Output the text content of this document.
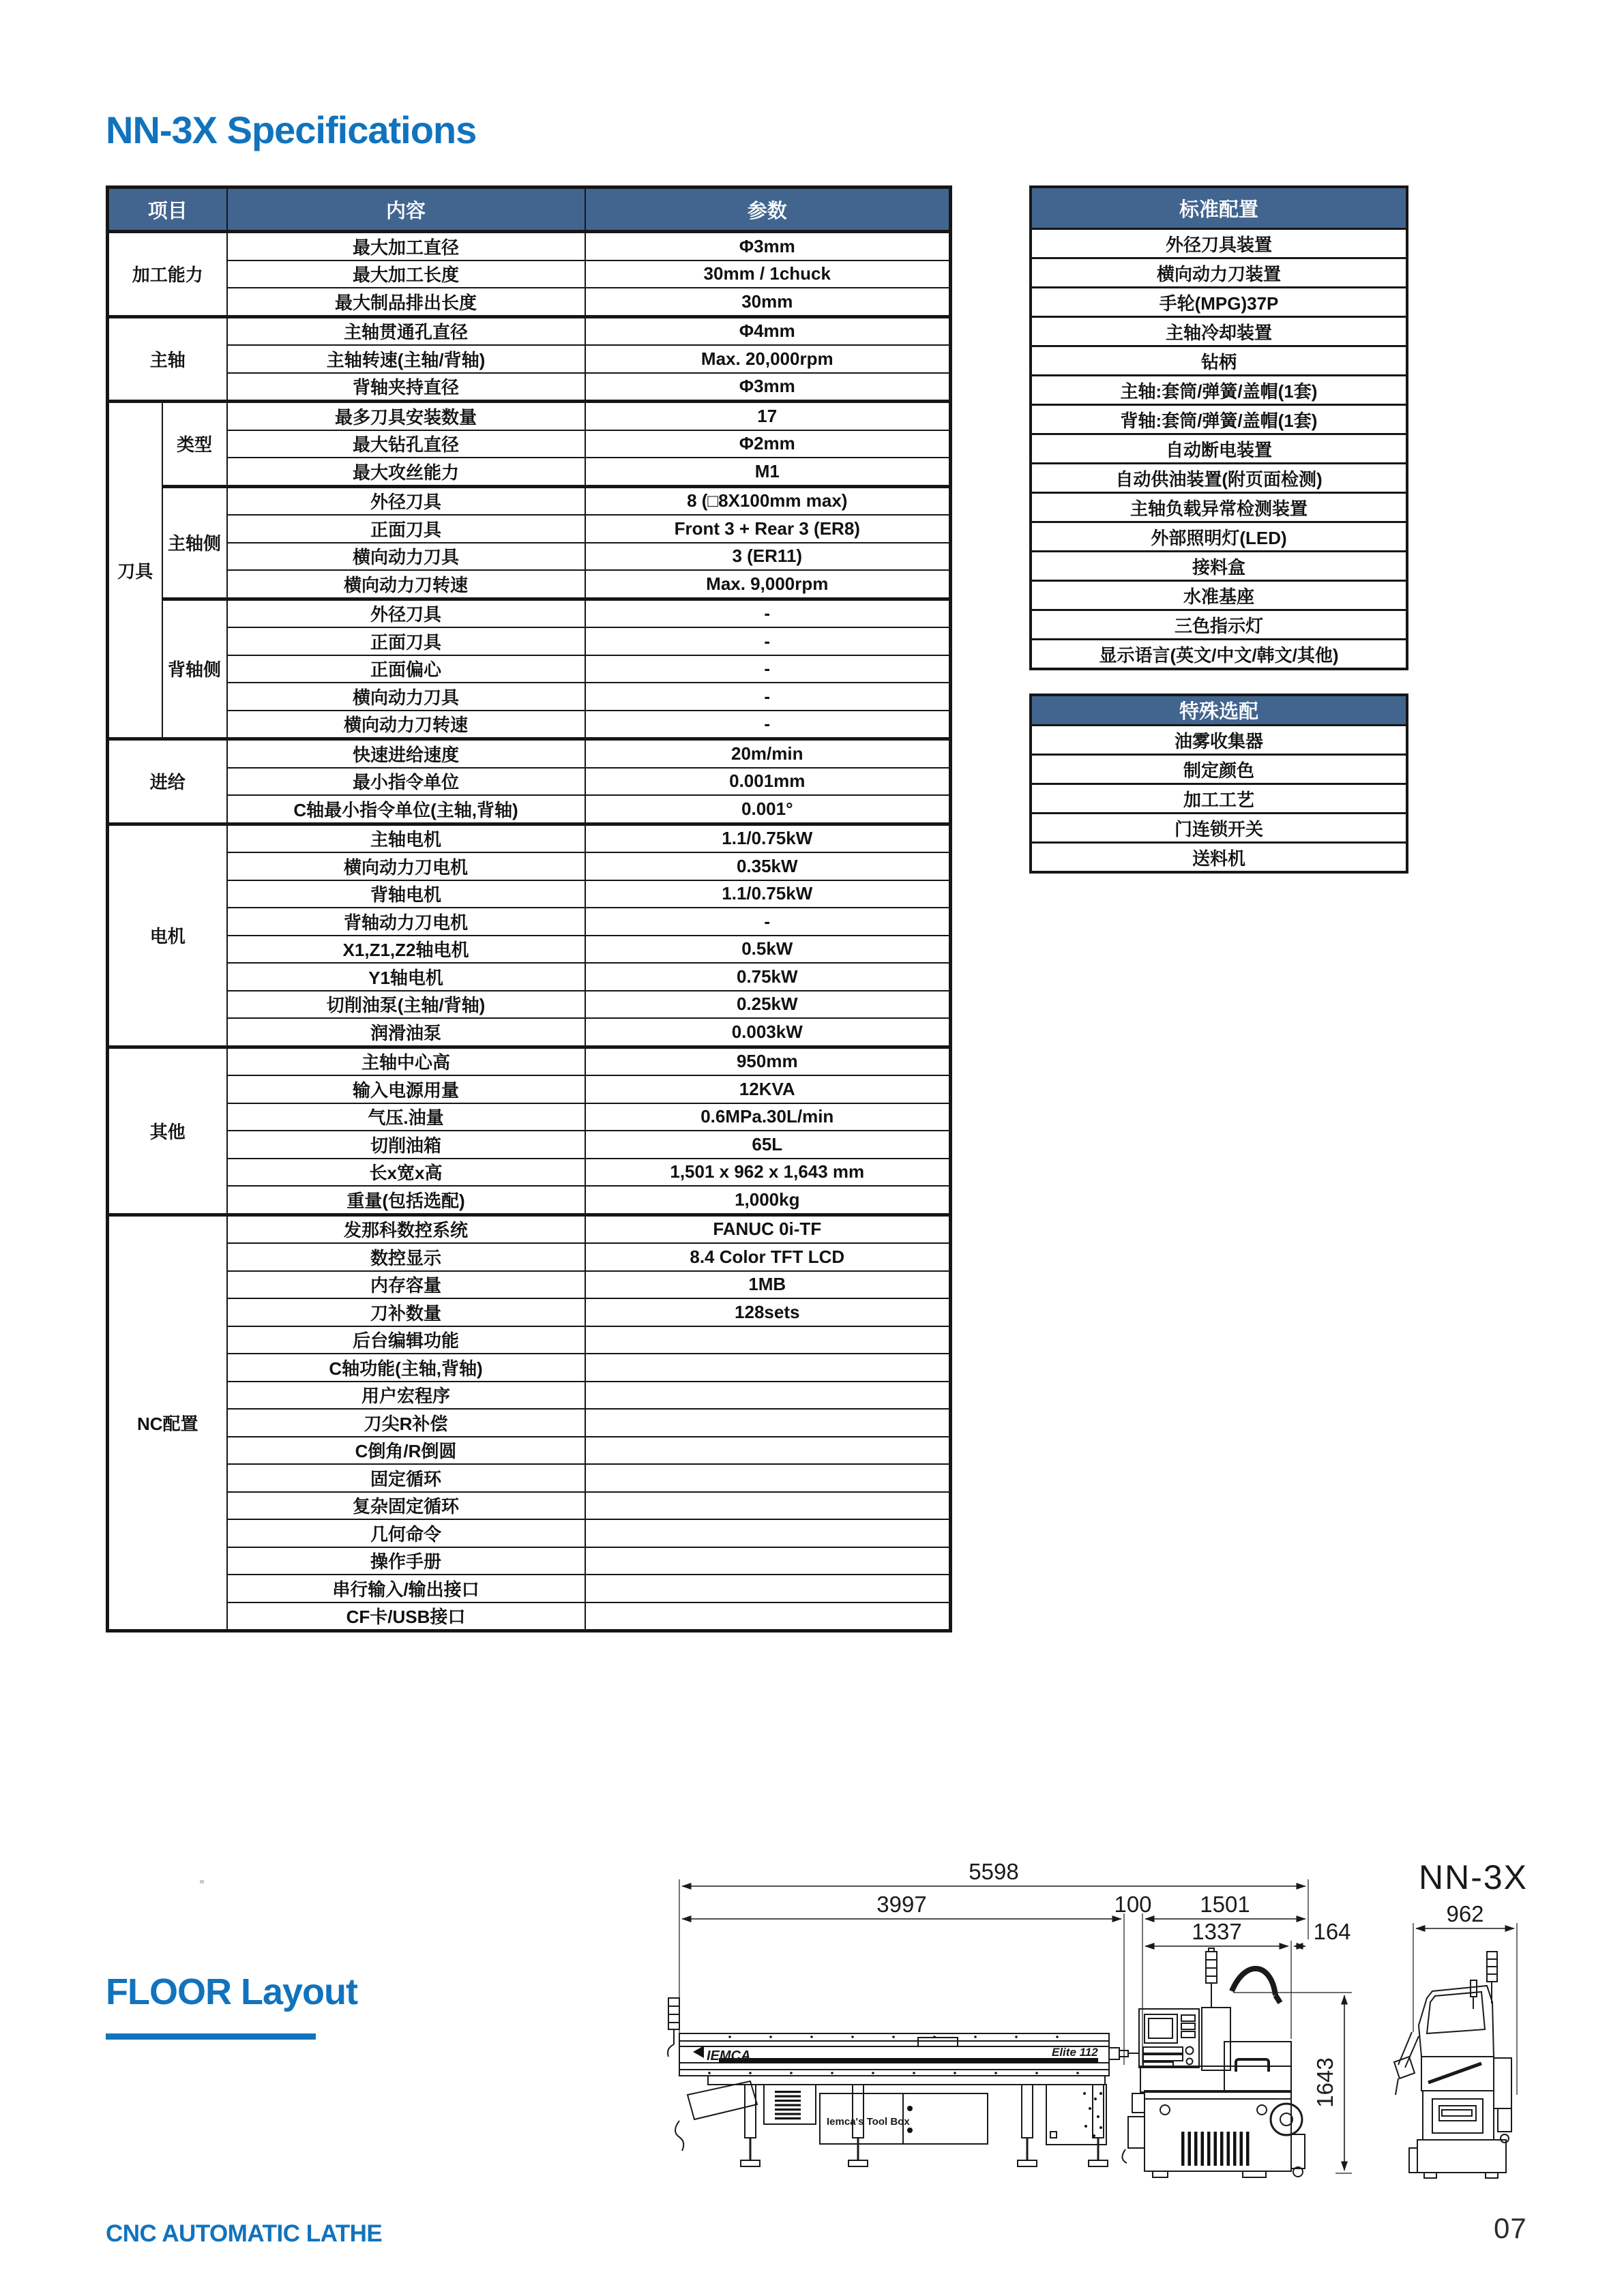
NN-3X Specifications
项目		内容	参数
加工能力		最大加工直径	Φ3mm
		最大加工长度	30mm / 1chuck
		最大制品排出长度	30mm
主轴		主轴贯通孔直径	Φ4mm
		主轴转速(主轴/背轴)	Max. 20,000rpm
		背轴夹持直径	Φ3mm
刀具	类型	最多刀具安装数量	17
		最大钻孔直径	Φ2mm
		最大攻丝能力	M1
	主轴侧	外径刀具	8 (□8X100mm max)
		正面刀具	Front 3 + Rear 3 (ER8)
		横向动力刀具	3 (ER11)
		横向动力刀转速	Max. 9,000rpm
	背轴侧	外径刀具	-
		正面刀具	-
		正面偏心	-
		横向动力刀具	-
		横向动力刀转速	-
进给		快速进给速度	20m/min
		最小指令单位	0.001mm
		C轴最小指令单位(主轴,背轴)	0.001°
电机		主轴电机	1.1/0.75kW
		横向动力刀电机	0.35kW
		背轴电机	1.1/0.75kW
		背轴动力刀电机	-
		X1,Z1,Z2轴电机	0.5kW
		Y1轴电机	0.75kW
		切削油泵(主轴/背轴)	0.25kW
		润滑油泵	0.003kW
其他		主轴中心高	950mm
		输入电源用量	12KVA
		气压.油量	0.6MPa.30L/min
		切削油箱	65L
		长x宽x高	1,501 x 962 x 1,643 mm
		重量(包括选配)	1,000kg
NC配置		发那科数控系统	FANUC 0i-TF
		数控显示	8.4 Color TFT LCD
		内存容量	1MB
		刀补数量	128sets
		后台编辑功能	
		C轴功能(主轴,背轴)	
		用户宏程序	
		刀尖R补偿	
		C倒角/R倒圆	
		固定循环	
		复杂固定循环	
		几何命令	
		操作手册	
		串行输入/输出接口	
		CF卡/USB接口	
标准配置
外径刀具装置
横向动力刀装置
手轮(MPG)37P
主轴冷却装置
钻柄
主轴:套筒/弹簧/盖帽(1套)
背轴:套筒/弹簧/盖帽(1套)
自动断电装置
自动供油装置(附页面检测)
主轴负载异常检测装置
外部照明灯(LED)
接料盒
水准基座
三色指示灯
显示语言(英文/中文/韩文/其他)
特殊选配
油雾收集器
制定颜色
加工工艺
门连锁开关
送料机
FLOOR Layout
NN-3X
5598
3997	100 1501
1337	164
962
1643
IEMCA	Elite 112
Iemca's Tool Box
CNC AUTOMATIC LATHE	07
